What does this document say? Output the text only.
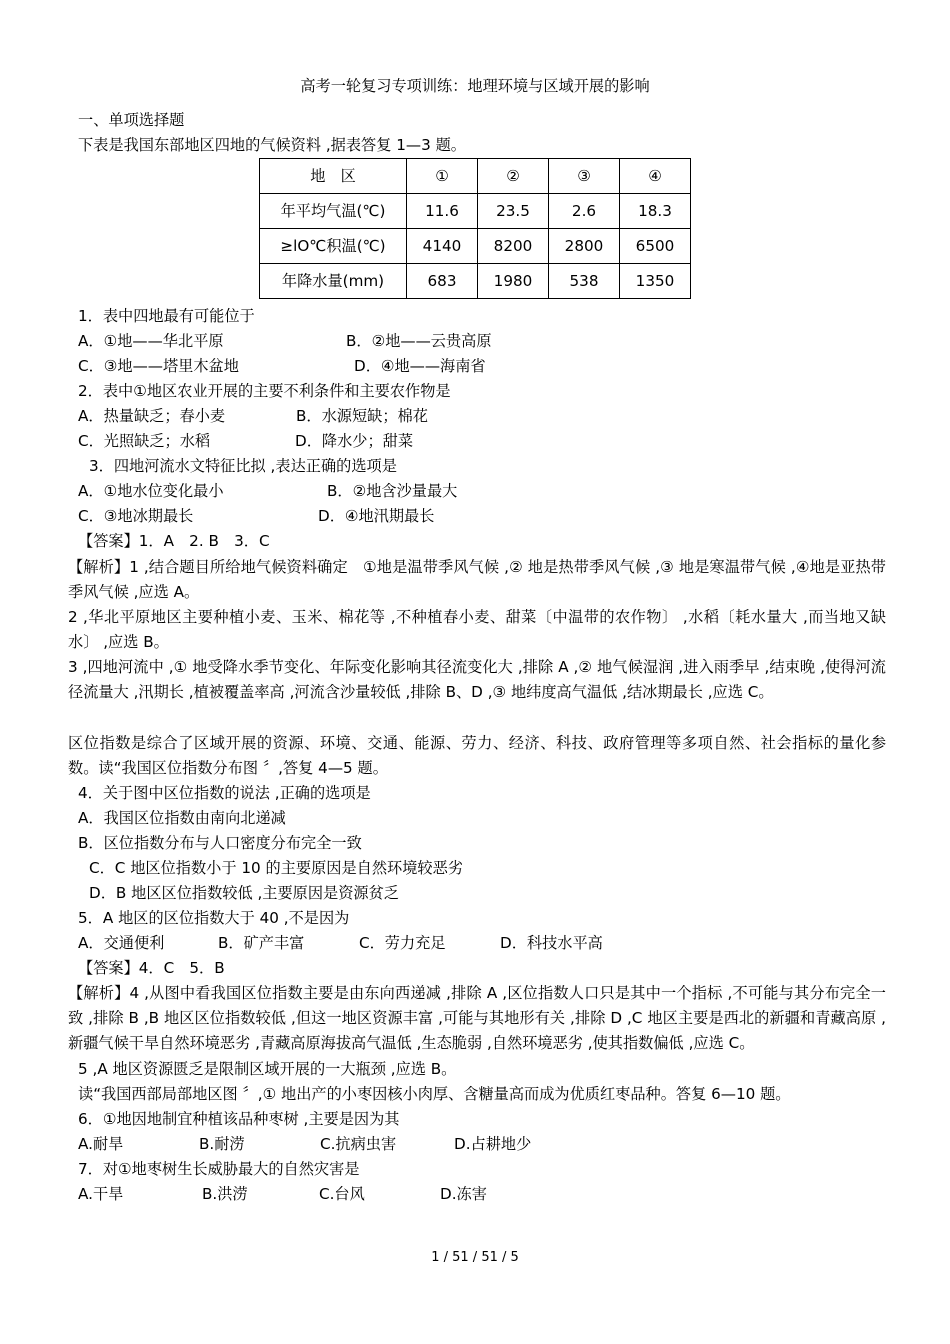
高考一轮复习专项训练：地理环境与区域开展的影响
一、单项选择题
下表是我国东部地区四地的气候资料 ,据表答复 1—3 题。
地　区	①	②	③	④
年平均气温(℃)	11.6	23.5	2.6	18.3
≥lO℃积温(℃)	4140	8200	2800	6500
年降水量(mm)	683	1980	538	1350
1．表中四地最有可能位于
A．①地——华北平原	B．②地——云贵高原
C．③地——塔里木盆地	D．④地——海南省
2．表中①地区农业开展的主要不利条件和主要农作物是
A．热量缺乏；春小麦	B．水源短缺；棉花
C．光照缺乏；水稻	D．降水少；甜菜
3．四地河流水文特征比拟 ,表达正确的选项是
A．①地水位变化最小	B．②地含沙量最大
C．③地冰期最长	D．④地汛期最长
【答案】1．A　2. B　3．C
【解析】1 ,结合题目所给地气候资料确定　①地是温带季风气候 ,② 地是热带季风气候 ,③ 地是寒温带气候 ,④地是亚热带季风气候 ,应选 A。
2 ,华北平原地区主要种植小麦、玉米、棉花等 ,不种植春小麦、甜菜〔中温带的农作物〕 ,水稻〔耗水量大 ,而当地又缺水〕 ,应选 B。
3 ,四地河流中 ,① 地受降水季节变化、年际变化影响其径流变化大 ,排除 A ,② 地气候湿润 ,进入雨季早 ,结束晚 ,使得河流径流量大 ,汛期长 ,植被覆盖率高 ,河流含沙量较低 ,排除 B、D ,③ 地纬度高气温低 ,结冰期最长 ,应选 C。
区位指数是综合了区域开展的资源、环境、交通、能源、劳力、经济、科技、政府管理等多项自然、社会指标的量化参数。读“我国区位指数分布图 〞,答复 4—5 题。
4．关于图中区位指数的说法 ,正确的选项是
A．我国区位指数由南向北递减
B．区位指数分布与人口密度分布完全一致
C．C 地区位指数小于 10 的主要原因是自然环境较恶劣
D．B 地区区位指数较低 ,主要原因是资源贫乏
5．A 地区的区位指数大于 40 ,不是因为
A．交通便利	B．矿产丰富	C．劳力充足	D．科技水平高
【答案】4．C　5．B
【解析】4 ,从图中看我国区位指数主要是由东向西递减 ,排除 A ,区位指数人口只是其中一个指标 ,不可能与其分布完全一致 ,排除 B ,B 地区区位指数较低 ,但这一地区资源丰富 ,可能与其地形有关 ,排除 D ,C 地区主要是西北的新疆和青藏高原 ,新疆气候干旱自然环境恶劣 ,青藏高原海拔高气温低 ,生态脆弱 ,自然环境恶劣 ,使其指数偏低 ,应选 C。
5 ,A 地区资源匮乏是限制区域开展的一大瓶颈 ,应选 B。
读“我国西部局部地区图 〞,① 地出产的小枣因核小肉厚、含糖量高而成为优质红枣品种。答复 6—10 题。
6．①地因地制宜种植该品种枣树 ,主要是因为其
A.耐旱	B.耐涝	C.抗病虫害	D.占耕地少
7．对①地枣树生长威胁最大的自然灾害是
A.干旱	B.洪涝	C.台风	D.冻害
1 / 51 / 51 / 5
